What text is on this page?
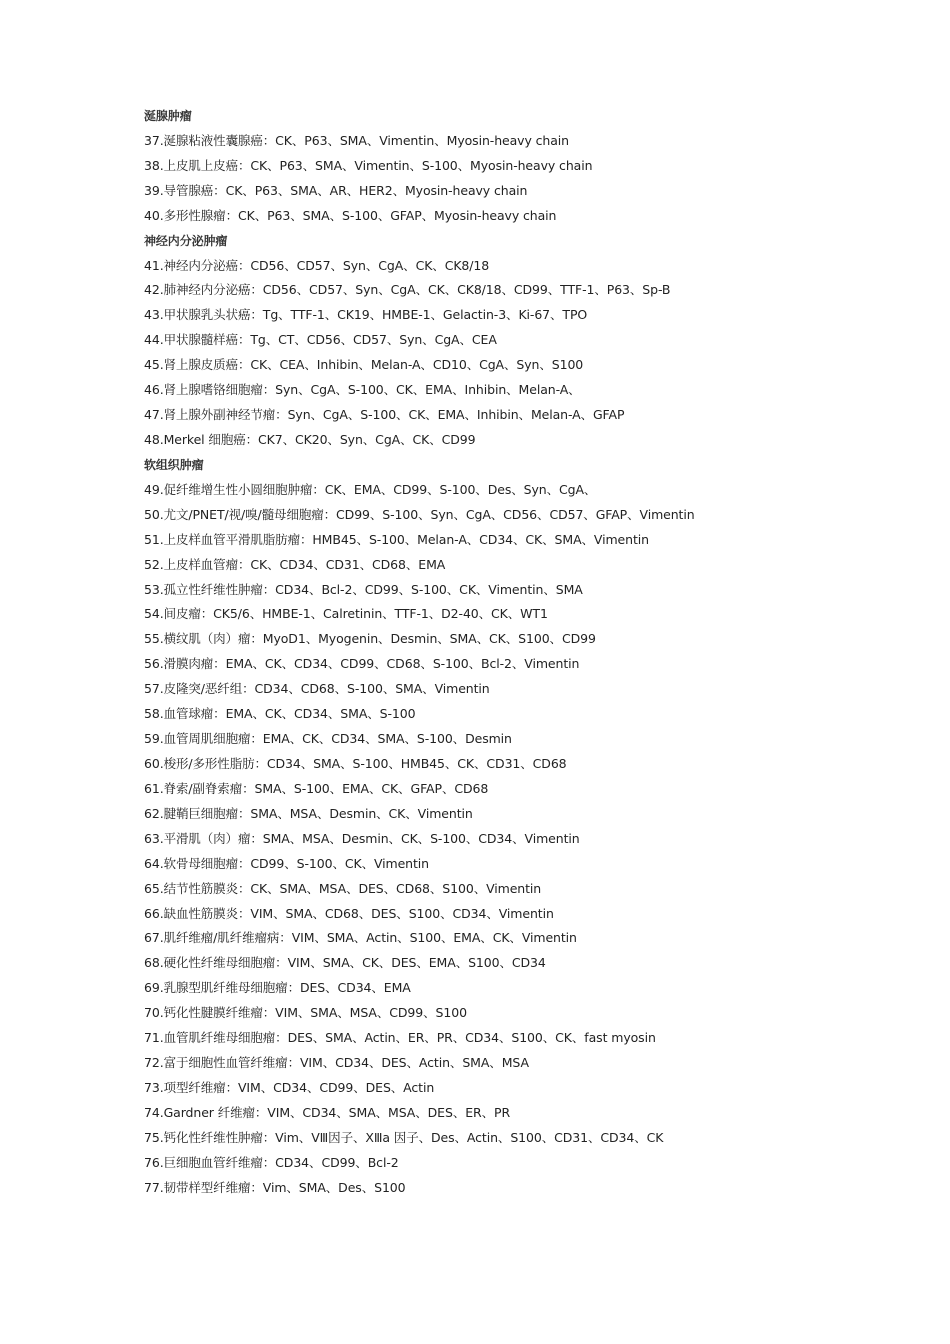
涎腺肿瘤
37.涎腺粘液性囊腺癌：CK、P63、SMA、Vimentin、Myosin-heavy chain
38.上皮肌上皮癌：CK、P63、SMA、Vimentin、S-100、Myosin-heavy chain
39.导管腺癌：CK、P63、SMA、AR、HER2、Myosin-heavy chain
40.多形性腺瘤：CK、P63、SMA、S-100、GFAP、Myosin-heavy chain
神经内分泌肿瘤
41.神经内分泌癌：CD56、CD57、Syn、CgA、CK、CK8/18
42.肺神经内分泌癌：CD56、CD57、Syn、CgA、CK、CK8/18、CD99、TTF-1、P63、Sp-B
43.甲状腺乳头状癌：Tg、TTF-1、CK19、HMBE-1、Gelactin-3、Ki-67、TPO
44.甲状腺髓样癌：Tg、CT、CD56、CD57、Syn、CgA、CEA
45.肾上腺皮质癌：CK、CEA、Inhibin、Melan-A、CD10、CgA、Syn、S100
46.肾上腺嗜铬细胞瘤：Syn、CgA、S-100、CK、EMA、Inhibin、Melan-A、
47.肾上腺外副神经节瘤：Syn、CgA、S-100、CK、EMA、Inhibin、Melan-A、GFAP
48.Merkel 细胞癌：CK7、CK20、Syn、CgA、CK、CD99
软组织肿瘤
49.促纤维增生性小圆细胞肿瘤：CK、EMA、CD99、S-100、Des、Syn、CgA、
50.尤文/PNET/视/嗅/髓母细胞瘤：CD99、S-100、Syn、CgA、CD56、CD57、GFAP、Vimentin
51.上皮样血管平滑肌脂肪瘤：HMB45、S-100、Melan-A、CD34、CK、SMA、Vimentin
52.上皮样血管瘤：CK、CD34、CD31、CD68、EMA
53.孤立性纤维性肿瘤：CD34、Bcl-2、CD99、S-100、CK、Vimentin、SMA
54.间皮瘤：CK5/6、HMBE-1、Calretinin、TTF-1、D2-40、CK、WT1
55.横纹肌（肉）瘤：MyoD1、Myogenin、Desmin、SMA、CK、S100、CD99
56.滑膜肉瘤：EMA、CK、CD34、CD99、CD68、S-100、Bcl-2、Vimentin
57.皮隆突/恶纤组：CD34、CD68、S-100、SMA、Vimentin
58.血管球瘤：EMA、CK、CD34、SMA、S-100
59.血管周肌细胞瘤：EMA、CK、CD34、SMA、S-100、Desmin
60.梭形/多形性脂肪：CD34、SMA、S-100、HMB45、CK、CD31、CD68
61.脊索/副脊索瘤：SMA、S-100、EMA、CK、GFAP、CD68
62.腱鞘巨细胞瘤：SMA、MSA、Desmin、CK、Vimentin
63.平滑肌（肉）瘤：SMA、MSA、Desmin、CK、S-100、CD34、Vimentin
64.软骨母细胞瘤：CD99、S-100、CK、Vimentin
65.结节性筋膜炎：CK、SMA、MSA、DES、CD68、S100、Vimentin
66.缺血性筋膜炎：VIM、SMA、CD68、DES、S100、CD34、Vimentin
67.肌纤维瘤/肌纤维瘤病：VIM、SMA、Actin、S100、EMA、CK、Vimentin
68.硬化性纤维母细胞瘤：VIM、SMA、CK、DES、EMA、S100、CD34
69.乳腺型肌纤维母细胞瘤：DES、CD34、EMA
70.钙化性腱膜纤维瘤：VIM、SMA、MSA、CD99、S100
71.血管肌纤维母细胞瘤：DES、SMA、Actin、ER、PR、CD34、S100、CK、fast myosin
72.富于细胞性血管纤维瘤：VIM、CD34、DES、Actin、SMA、MSA
73.项型纤维瘤：VIM、CD34、CD99、DES、Actin
74.Gardner 纤维瘤：VIM、CD34、SMA、MSA、DES、ER、PR
75.钙化性纤维性肿瘤：Vim、VⅢ因子、XⅢa 因子、Des、Actin、S100、CD31、CD34、CK
76.巨细胞血管纤维瘤：CD34、CD99、Bcl-2
77.韧带样型纤维瘤：Vim、SMA、Des、S100
